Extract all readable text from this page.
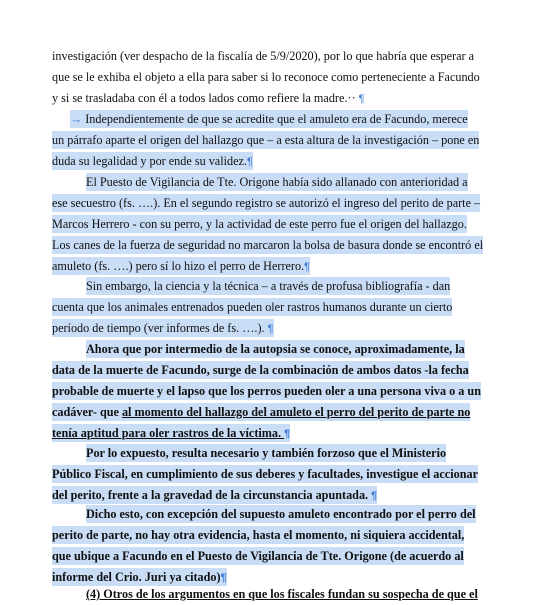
investigación (ver despacho de la fiscalía de 5/9/2020), por lo que habría que esperar a
que se le exhiba el objeto a ella para saber si lo reconoce como perteneciente a Facundo
y si se trasladaba con él a todos lados como refiere la madre.·· ¶
→ Independientemente de que se acredite que el amuleto era de Facundo, merece
un párrafo aparte el origen del hallazgo que – a esta altura de la investigación – pone en
duda su legalidad y por ende su validez.¶
El Puesto de Vigilancia de Tte. Origone había sido allanado con anterioridad a
ese secuestro (fs. ….). En el segundo registro se autorizó el ingreso del perito de parte –
Marcos Herrero - con su perro, y la actividad de este perro fue el origen del hallazgo.
Los canes de la fuerza de seguridad no marcaron la bolsa de basura donde se encontró el
amuleto (fs. ….) pero sí lo hizo el perro de Herrero.¶
Sin embargo, la ciencia y la técnica – a través de profusa bibliografía - dan
cuenta que los animales entrenados pueden oler rastros humanos durante un cierto
período de tiempo (ver informes de fs. ….). ¶
Ahora que por intermedio de la autopsia se conoce, aproximadamente, la
data de la muerte de Facundo, surge de la combinación de ambos datos -la fecha
probable de muerte y el lapso que los perros pueden oler a una persona viva o a un
cadáver- que al momento del hallazgo del amuleto el perro del perito de parte no
tenía aptitud para oler rastros de la víctima. ¶
Por lo expuesto, resulta necesario y también forzoso que el Ministerio
Público Fiscal, en cumplimiento de sus deberes y facultades, investigue el accionar
del perito, frente a la gravedad de la circunstancia apuntada. ¶
Dicho esto, con excepción del supuesto amuleto encontrado por el perro del
perito de parte, no hay otra evidencia, hasta el momento, ni siquiera accidental,
que ubique a Facundo en el Puesto de Vigilancia de Tte. Origone (de acuerdo al
informe del Crio. Juri ya citado)¶
(4) Otros de los argumentos en que los fiscales fundan su sospecha de que el
